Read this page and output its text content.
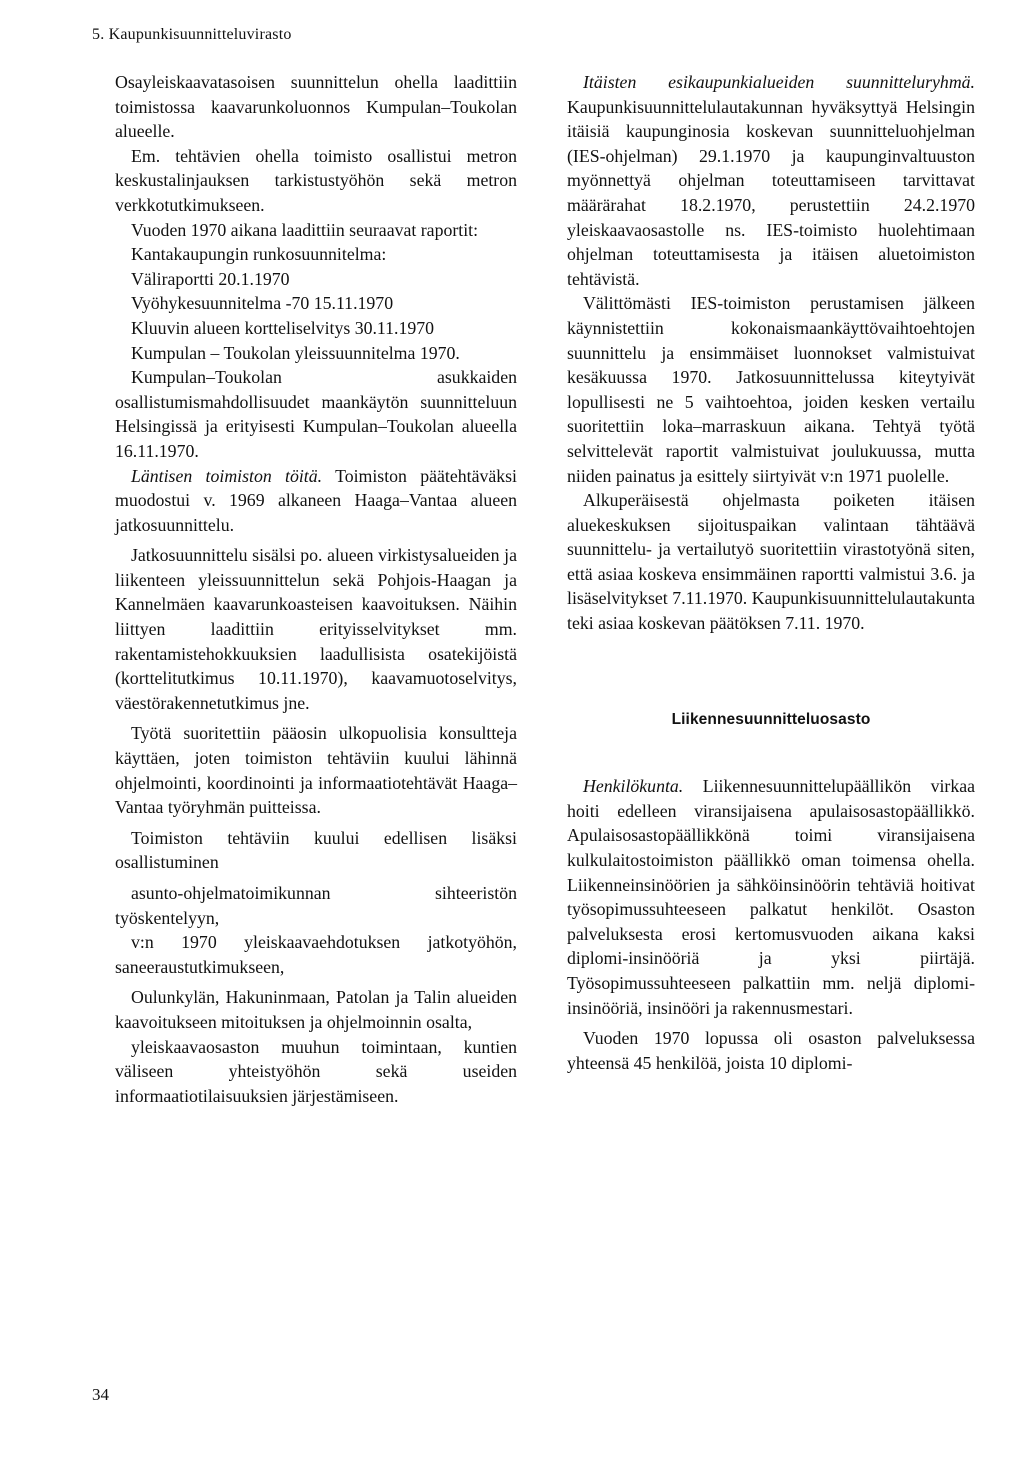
5. Kaupunkisuunnitteluvirasto

Osayleiskaavatasoisen suunnittelun ohella laadittiin toimistossa kaavarunkoluonnos Kumpulan–Toukolan alueelle.

Em. tehtävien ohella toimisto osallistui metron keskustalinjauksen tarkistustyöhön sekä metron verkkotutkimukseen.

Vuoden 1970 aikana laadittiin seuraavat raportit:

Kantakaupungin runkosuunnitelma:

Väliraportti 20.1.1970

Vyöhykesuunnitelma -70 15.11.1970

Kluuvin alueen kortteliselvitys 30.11.1970

Kumpulan – Toukolan yleissuunnitelma 1970.

Kumpulan–Toukolan asukkaiden osallistumismahdollisuudet maankäytön suunnitteluun Helsingissä ja erityisesti Kumpulan–Toukolan alueella 16.11.1970.

Läntisen toimiston töitä. Toimiston päätehtäväksi muodostui v. 1969 alkaneen Haaga–Vantaa alueen jatkosuunnittelu.

Jatkosuunnittelu sisälsi po. alueen virkistysalueiden ja liikenteen yleissuunnittelun sekä Pohjois-Haagan ja Kannelmäen kaavarunkoasteisen kaavoituksen. Näihin liittyen laadittiin erityisselvitykset mm. rakentamistehokkuuksien laadullisista osatekijöistä (korttelitutkimus 10.11.1970), kaavamuotoselvitys, väestörakennetutkimus jne.

Työtä suoritettiin pääosin ulkopuolisia konsultteja käyttäen, joten toimiston tehtäviin kuului lähinnä ohjelmointi, koordinointi ja informaatiotehtävät Haaga–Vantaa työryhmän puitteissa.

Toimiston tehtäviin kuului edellisen lisäksi osallistuminen

asunto-ohjelmatoimikunnan sihteeristön työskentelyyn,

v:n 1970 yleiskaavaehdotuksen jatkotyöhön, saneeraustutkimukseen,

Oulunkylän, Hakuninmaan, Patolan ja Talin alueiden kaavoitukseen mitoituksen ja ohjelmoinnin osalta,

yleiskaavaosaston muuhun toimintaan, kuntien väliseen yhteistyöhön sekä useiden informaatiotilaisuuksien järjestämiseen.

Itäisten esikaupunkialueiden suunnitteluryhmä. Kaupunkisuunnittelulautakunnan hyväksyttyä Helsingin itäisiä kaupunginosia koskevan suunnitteluohjelman (IES-ohjelman) 29.1.1970 ja kaupunginvaltuuston myönnettyä ohjelman toteuttamiseen tarvittavat määrärahat 18.2.1970, perustettiin 24.2.1970 yleiskaavaosastolle ns. IES-toimisto huolehtimaan ohjelman toteuttamisesta ja itäisen aluetoimiston tehtävistä.

Välittömästi IES-toimiston perustamisen jälkeen käynnistettiin kokonaismaankäyttövaihtoehtojen suunnittelu ja ensimmäiset luonnokset valmistuivat kesäkuussa 1970. Jatkosuunnittelussa kiteytyivät lopullisesti ne 5 vaihtoehtoa, joiden kesken vertailu suoritettiin loka–marraskuun aikana. Tehtyä työtä selvittelevät raportit valmistuivat joulukuussa, mutta niiden painatus ja esittely siirtyivät v:n 1971 puolelle.

Alkuperäisestä ohjelmasta poiketen itäisen aluekeskuksen sijoituspaikan valintaan tähtäävä suunnittelu- ja vertailutyö suoritettiin virastotyönä siten, että asiaa koskeva ensimmäinen raportti valmistui 3.6. ja lisäselvitykset 7.11.1970. Kaupunkisuunnittelulautakunta teki asiaa koskevan päätöksen 7.11. 1970.

Liikennesuunnitteluosasto

Henkilökunta. Liikennesuunnittelupäällikön virkaa hoiti edelleen viransijaisena apulaisosastopäällikkö. Apulaisosastopäällikkönä toimi viransijaisena kulkulaitostoimiston päällikkö oman toimensa ohella. Liikenneinsinöörien ja sähköinsinöörin tehtäviä hoitivat työsopimussuhteeseen palkatut henkilöt. Osaston palveluksesta erosi kertomusvuoden aikana kaksi diplomi-insinööriä ja yksi piirtäjä. Työsopimussuhteeseen palkattiin mm. neljä diplomi-insinööriä, insinööri ja rakennusmestari.

Vuoden 1970 lopussa oli osaston palveluksessa yhteensä 45 henkilöä, joista 10 diplomi-

34
